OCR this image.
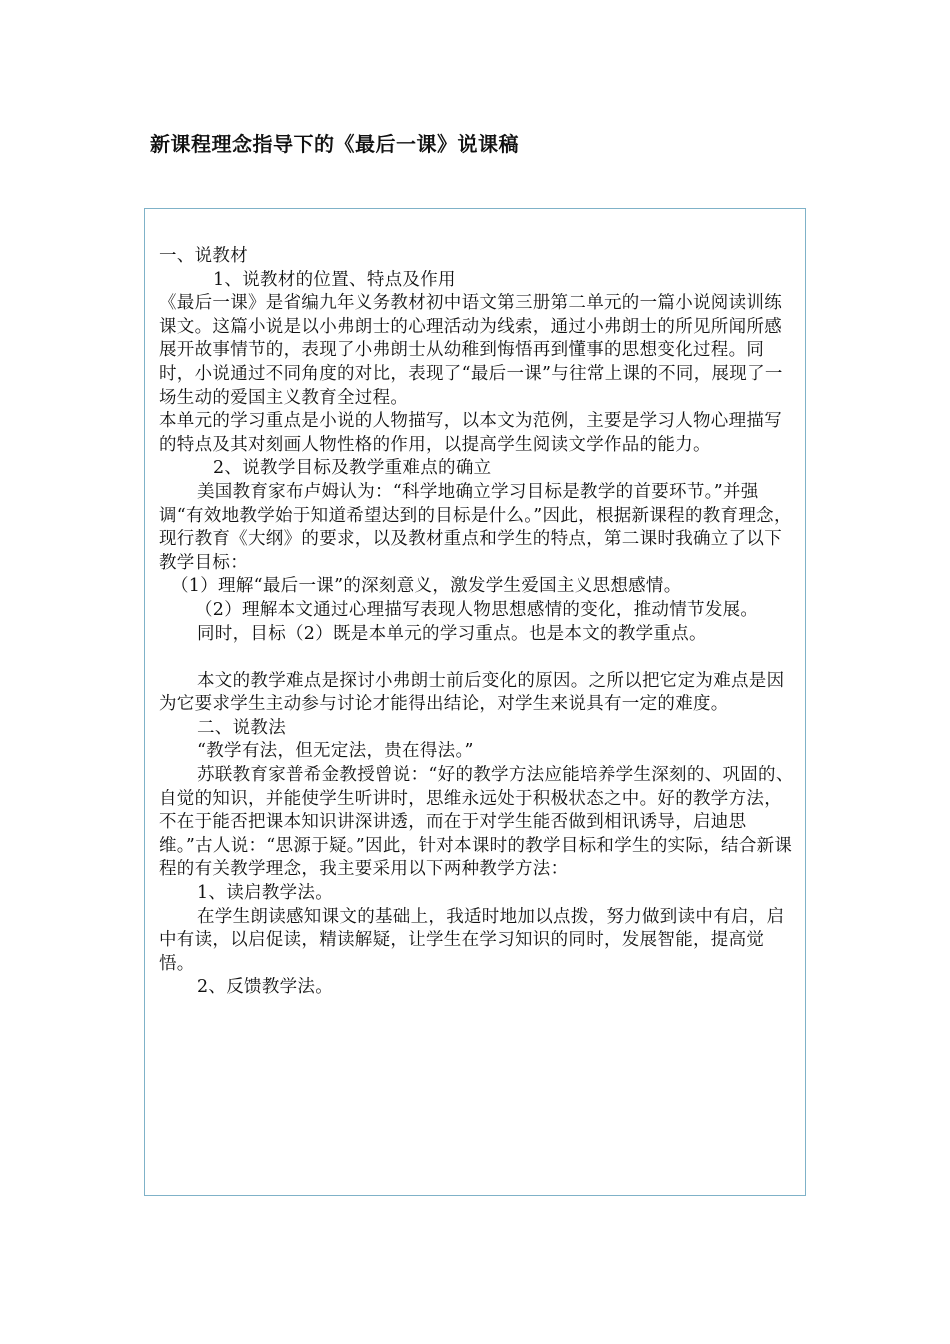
新课程理念指导下的《最后一课》说课稿

一、说教材

1、说教材的位置、特点及作用

《最后一课》是省编九年义务教材初中语文第三册第二单元的一篇小说阅读训练课文。这篇小说是以小弗朗士的心理活动为线索，通过小弗朗士的所见所闻所感展开故事情节的，表现了小弗朗士从幼稚到悔悟再到懂事的思想变化过程。同时，小说通过不同角度的对比，表现了“最后一课”与往常上课的不同，展现了一场生动的爱国主义教育全过程。

本单元的学习重点是小说的人物描写，以本文为范例，主要是学习人物心理描写的特点及其对刻画人物性格的作用，以提高学生阅读文学作品的能力。

2、说教学目标及教学重难点的确立

美国教育家布卢姆认为：“科学地确立学习目标是教学的首要环节。”并强调“有效地教学始于知道希望达到的目标是什么。”因此，根据新课程的教育理念，现行教育《大纲》的要求，以及教材重点和学生的特点，第二课时我确立了以下教学目标：

（1）理解“最后一课”的深刻意义，激发学生爱国主义思想感情。

（2）理解本文通过心理描写表现人物思想感情的变化，推动情节发展。

同时，目标（2）既是本单元的学习重点。也是本文的教学重点。

本文的教学难点是探讨小弗朗士前后变化的原因。之所以把它定为难点是因为它要求学生主动参与讨论才能得出结论，对学生来说具有一定的难度。

二、说教法

“教学有法，但无定法，贵在得法。”

苏联教育家普希金教授曾说：“好的教学方法应能培养学生深刻的、巩固的、自觉的知识，并能使学生听讲时，思维永远处于积极状态之中。好的教学方法，不在于能否把课本知识讲深讲透，而在于对学生能否做到相讯诱导，启迪思维。”古人说：“思源于疑。”因此，针对本课时的教学目标和学生的实际，结合新课程的有关教学理念，我主要采用以下两种教学方法：

1、读启教学法。

在学生朗读感知课文的基础上，我适时地加以点拨，努力做到读中有启，启中有读，以启促读，精读解疑，让学生在学习知识的同时，发展智能，提高觉悟。

2、反馈教学法。
